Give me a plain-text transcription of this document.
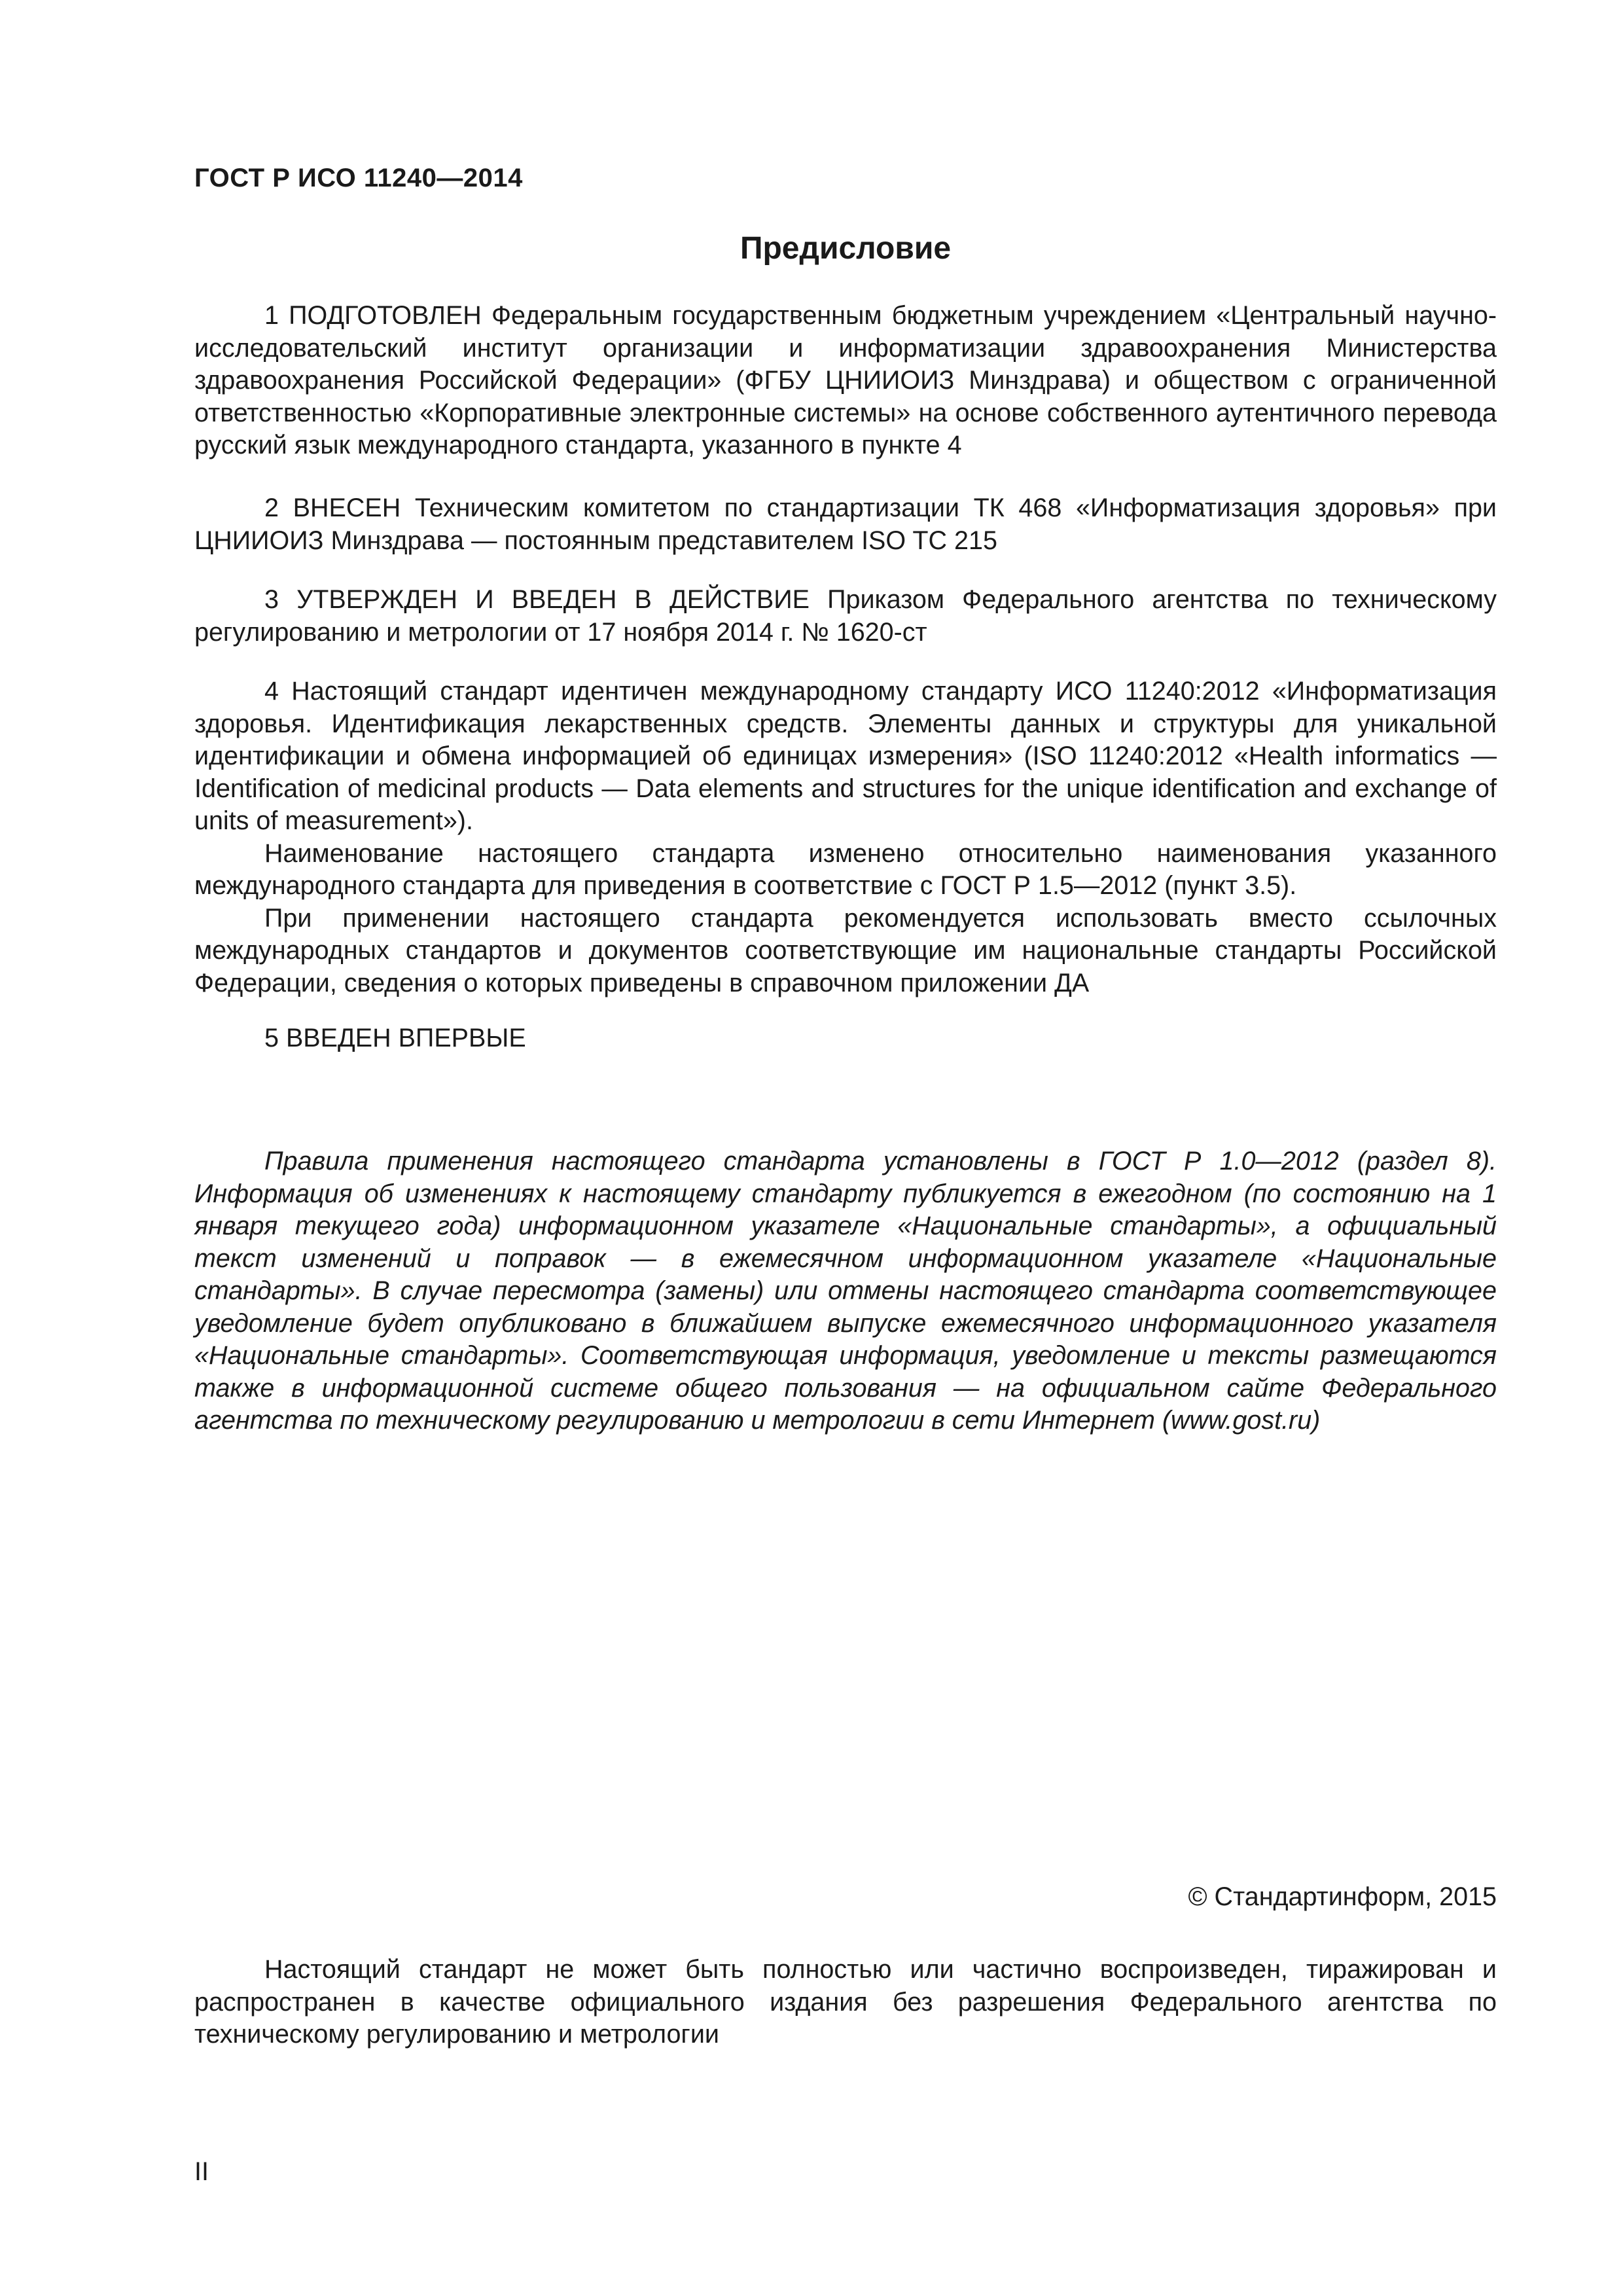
ГОСТ Р ИСО 11240—2014
Предисловие

1 ПОДГОТОВЛЕН Федеральным государственным бюджетным учреждением «Центральный научно-исследовательский институт организации и информатизации здравоохранения Министерства здравоохранения Российской Федерации» (ФГБУ ЦНИИОИЗ Минздрава) и обществом с ограниченной ответственностью «Корпоративные электронные системы» на основе собственного аутентичного перевода русский язык международного стандарта, указанного в пункте 4

2 ВНЕСЕН Техническим комитетом по стандартизации ТК 468 «Информатизация здоровья» при ЦНИИОИЗ Минздрава — постоянным представителем ISO TC 215

3 УТВЕРЖДЕН И ВВЕДЕН В ДЕЙСТВИЕ Приказом Федерального агентства по техническому регулированию и метрологии от 17 ноября 2014 г. № 1620-ст

4 Настоящий стандарт идентичен международному стандарту ИСО 11240:2012 «Информатизация здоровья. Идентификация лекарственных средств. Элементы данных и структуры для уникальной идентификации и обмена информацией об единицах измерения» (ISO 11240:2012 «Health informatics — Identification of medicinal products — Data elements and structures for the unique identification and exchange of units of measurement»).

Наименование настоящего стандарта изменено относительно наименования указанного международного стандарта для приведения в соответствие с ГОСТ Р 1.5—2012 (пункт 3.5).

При применении настоящего стандарта рекомендуется использовать вместо ссылочных международных стандартов и документов соответствующие им национальные стандарты Российской Федерации, сведения о которых приведены в справочном приложении ДА

5 ВВЕДЕН ВПЕРВЫЕ

Правила применения настоящего стандарта установлены в ГОСТ Р 1.0—2012 (раздел 8). Информация об изменениях к настоящему стандарту публикуется в ежегодном (по состоянию на 1 января текущего года) информационном указателе «Национальные стандарты», а официальный текст изменений и поправок — в ежемесячном информационном указателе «Национальные стандарты». В случае пересмотра (замены) или отмены настоящего стандарта соответствующее уведомление будет опубликовано в ближайшем выпуске ежемесячного информационного указателя «Национальные стандарты». Соответствующая информация, уведомление и тексты размещаются также в информационной системе общего пользования — на официальном сайте Федерального агентства по техническому регулированию и метрологии в сети Интернет (www.gost.ru)

© Стандартинформ, 2015

Настоящий стандарт не может быть полностью или частично воспроизведен, тиражирован и распространен в качестве официального издания без разрешения Федерального агентства по техническому регулированию и метрологии

II
